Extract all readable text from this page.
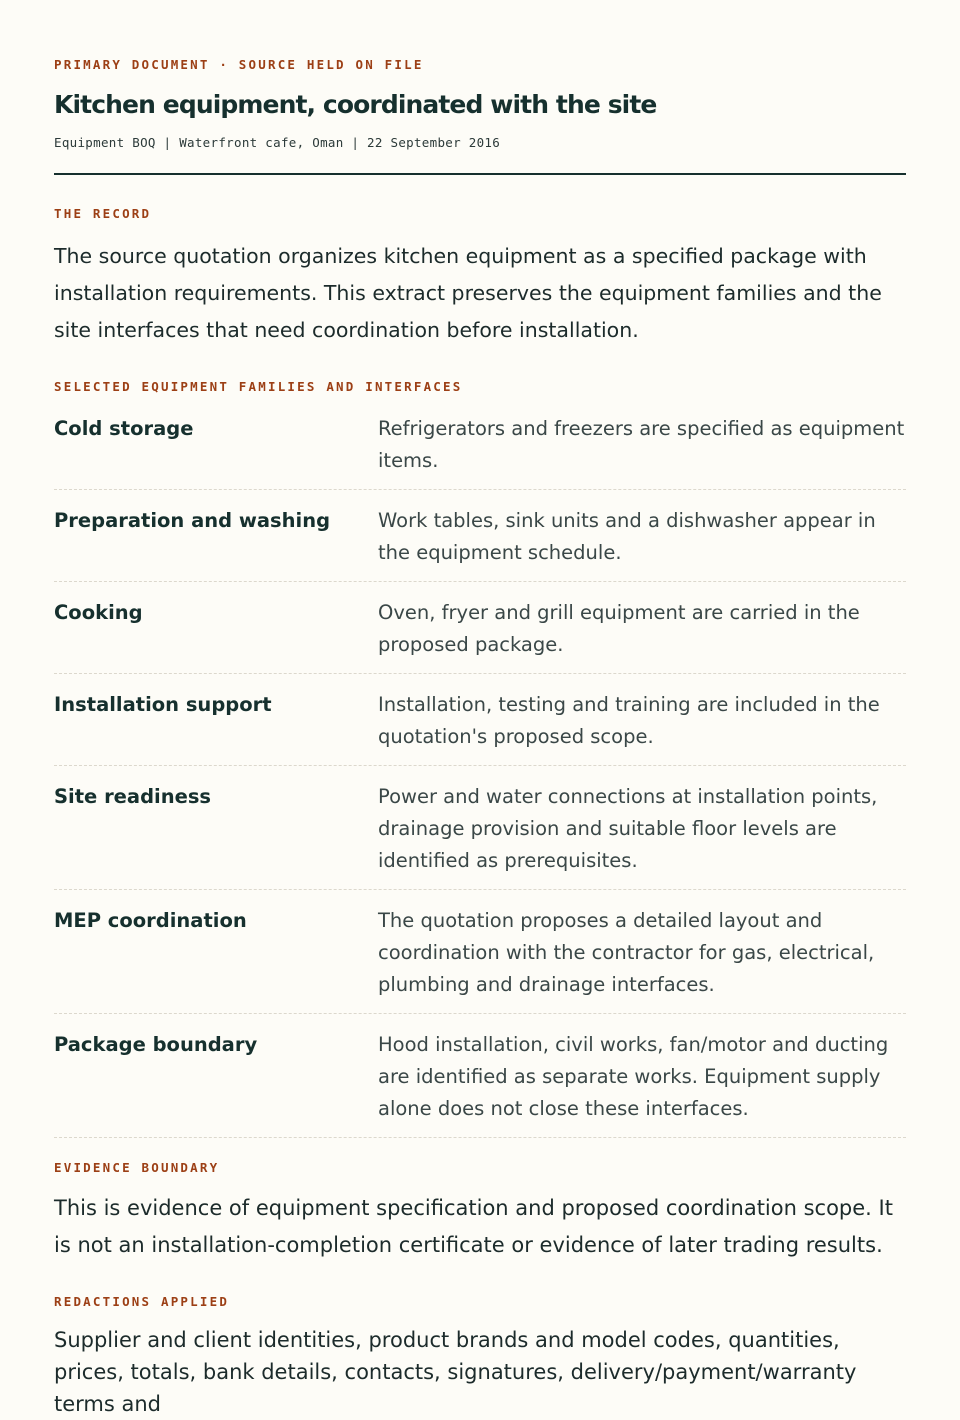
PRIMARY DOCUMENT · SOURCE HELD ON FILE
Kitchen equipment, coordinated with the site
Equipment BOQ | Waterfront cafe, Oman | 22 September 2016
THE RECORD

The source quotation organizes kitchen equipment as a specified package with installation requirements. This extract preserves the equipment families and the site interfaces that need coordination before installation.

SELECTED EQUIPMENT FAMILIES AND INTERFACES
Cold storage	Refrigerators and freezers are specified as equipment items.
Preparation and washing	Work tables, sink units and a dishwasher appear in the equipment schedule.
Cooking	Oven, fryer and grill equipment are carried in the proposed package.
Installation support	Installation, testing and training are included in the quotation's proposed scope.
Site readiness	Power and water connections at installation points, drainage provision and suitable floor levels are identified as prerequisites.
MEP coordination	The quotation proposes a detailed layout and coordination with the contractor for gas, electrical, plumbing and drainage interfaces.
Package boundary	Hood installation, civil works, fan/motor and ducting are identified as separate works. Equipment supply alone does not close these interfaces.
EVIDENCE BOUNDARY

This is evidence of equipment specification and proposed coordination scope. It is not an installation-completion certificate or evidence of later trading results.

REDACTIONS APPLIED

Supplier and client identities, product brands and model codes, quantities, prices, totals, bank details, contacts, signatures, delivery/payment/warranty terms and
